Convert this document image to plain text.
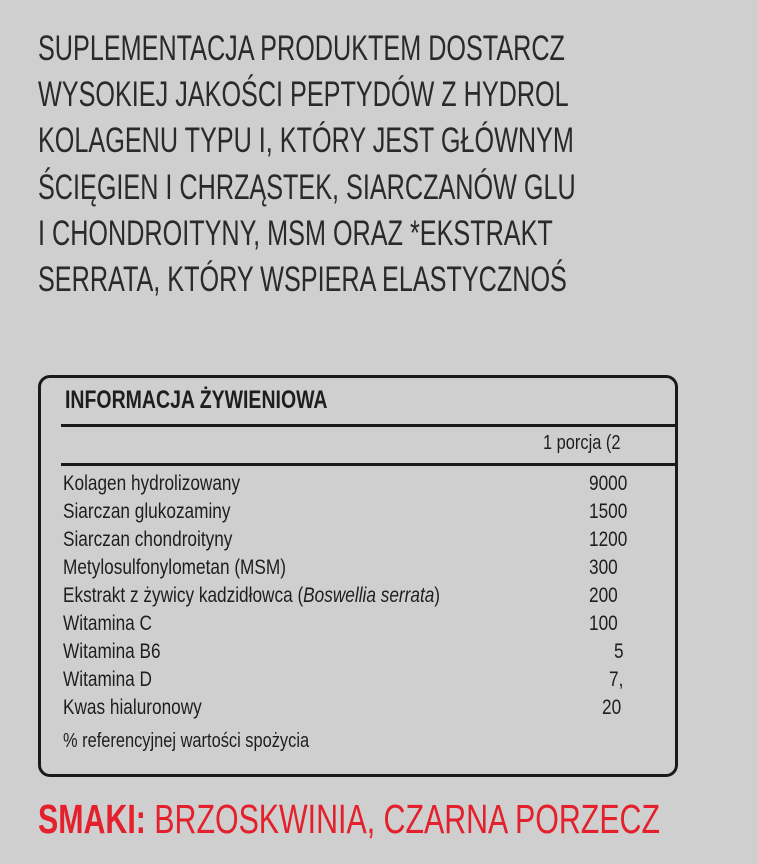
SUPLEMENTACJA PRODUKTEM DOSTARCZ
WYSOKIEJ JAKOŚCI PEPTYDÓW Z HYDROL
KOLAGENU TYPU I, KTÓRY JEST GŁÓWNYM
ŚCIĘGIEN I CHRZĄSTEK, SIARCZANÓW GLU
I CHONDROITYNY, MSM ORAZ *EKSTRAKT
SERRATA, KTÓRY WSPIERA ELASTYCZNOŚ
INFORMACJA ŻYWIENIOWA
1 porcja (2
Kolagen hydrolizowany	9000
Siarczan glukozaminy	1500
Siarczan chondroityny	1200
Metylosulfonylometan (MSM)	300
Ekstrakt z żywicy kadzidłowca (Boswellia serrata)	200
Witamina C	100
Witamina B6	5
Witamina D	7,
Kwas hialuronowy	20
% referencyjnej wartości spożycia
SMAKI: BRZOSKWINIA, CZARNA PORZECZ
